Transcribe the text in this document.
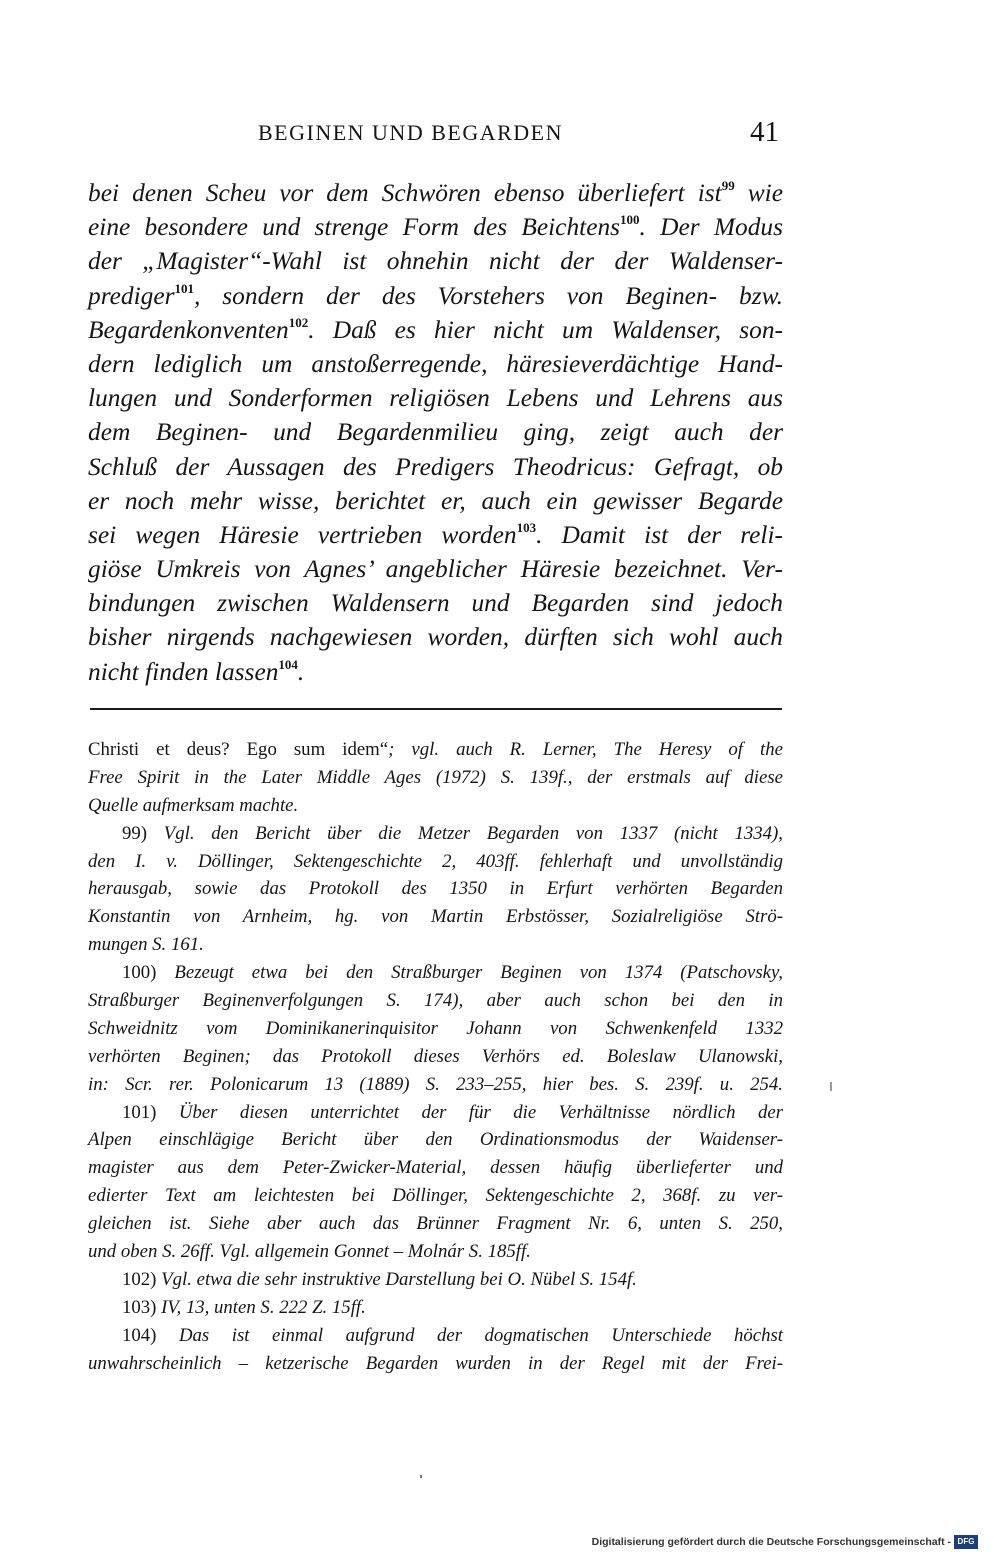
BEGINEN UND BEGARDEN	41
bei denen Scheu vor dem Schwören ebenso überliefert ist$^{99}$ wie
eine besondere und strenge Form des Beichtens$^{100}$. Der Modus
der „Magister“-Wahl ist ohnehin nicht der der Waldenser-
prediger$^{101}$, sondern der des Vorstehers von Beginen- bzw.
Begardenkonventen$^{102}$. Daß es hier nicht um Waldenser, son-
dern lediglich um anstoßerregende, häresieverdächtige Hand-
lungen und Sonderformen religiösen Lebens und Lehrens aus
dem Beginen- und Begardenmilieu ging, zeigt auch der
Schluß der Aussagen des Predigers Theodricus: Gefragt, ob
er noch mehr wisse, berichtet er, auch ein gewisser Begarde
sei wegen Häresie vertrieben worden$^{103}$. Damit ist der reli-
giöse Umkreis von Agnes’ angeblicher Häresie bezeichnet. Ver-
bindungen zwischen Waldensern und Begarden sind jedoch
bisher nirgends nachgewiesen worden, dürften sich wohl auch
nicht finden lassen$^{104}$.
Christi et deus? Ego sum idem“; vgl. auch R. Lerner, The Heresy of the
Free Spirit in the Later Middle Ages (1972) S. 139f., der erstmals auf diese
Quelle aufmerksam machte.
99) Vgl. den Bericht über die Metzer Begarden von 1337 (nicht 1334),
den I. v. Döllinger, Sektengeschichte 2, 403ff. fehlerhaft und unvollständig
herausgab, sowie das Protokoll des 1350 in Erfurt verhörten Begarden
Konstantin von Arnheim, hg. von Martin Erbstösser, Sozialreligiöse Strö-
mungen S. 161.
100) Bezeugt etwa bei den Straßburger Beginen von 1374 (Patschovsky,
Straßburger Beginenverfolgungen S. 174), aber auch schon bei den in
Schweidnitz vom Dominikanerinquisitor Johann von Schwenkenfeld 1332
verhörten Beginen; das Protokoll dieses Verhörs ed. Boleslaw Ulanowski,
in: Scr. rer. Polonicarum 13 (1889) S. 233–255, hier bes. S. 239f. u. 254.
101) Über diesen unterrichtet der für die Verhältnisse nördlich der
Alpen einschlägige Bericht über den Ordinationsmodus der Waidenser-
magister aus dem Peter-Zwicker-Material, dessen häufig überlieferter und
edierter Text am leichtesten bei Döllinger, Sektengeschichte 2, 368f. zu ver-
gleichen ist. Siehe aber auch das Brünner Fragment Nr. 6, unten S. 250,
und oben S. 26ff. Vgl. allgemein Gonnet – Molnár S. 185ff.
102) Vgl. etwa die sehr instruktive Darstellung bei O. Nübel S. 154f.
103) IV, 13, unten S. 222 Z. 15ff.
104) Das ist einmal aufgrund der dogmatischen Unterschiede höchst
unwahrscheinlich – ketzerische Begarden wurden in der Regel mit der Frei-
Digitalisierung gefördert durch die Deutsche Forschungsgemeinschaft - DFG
